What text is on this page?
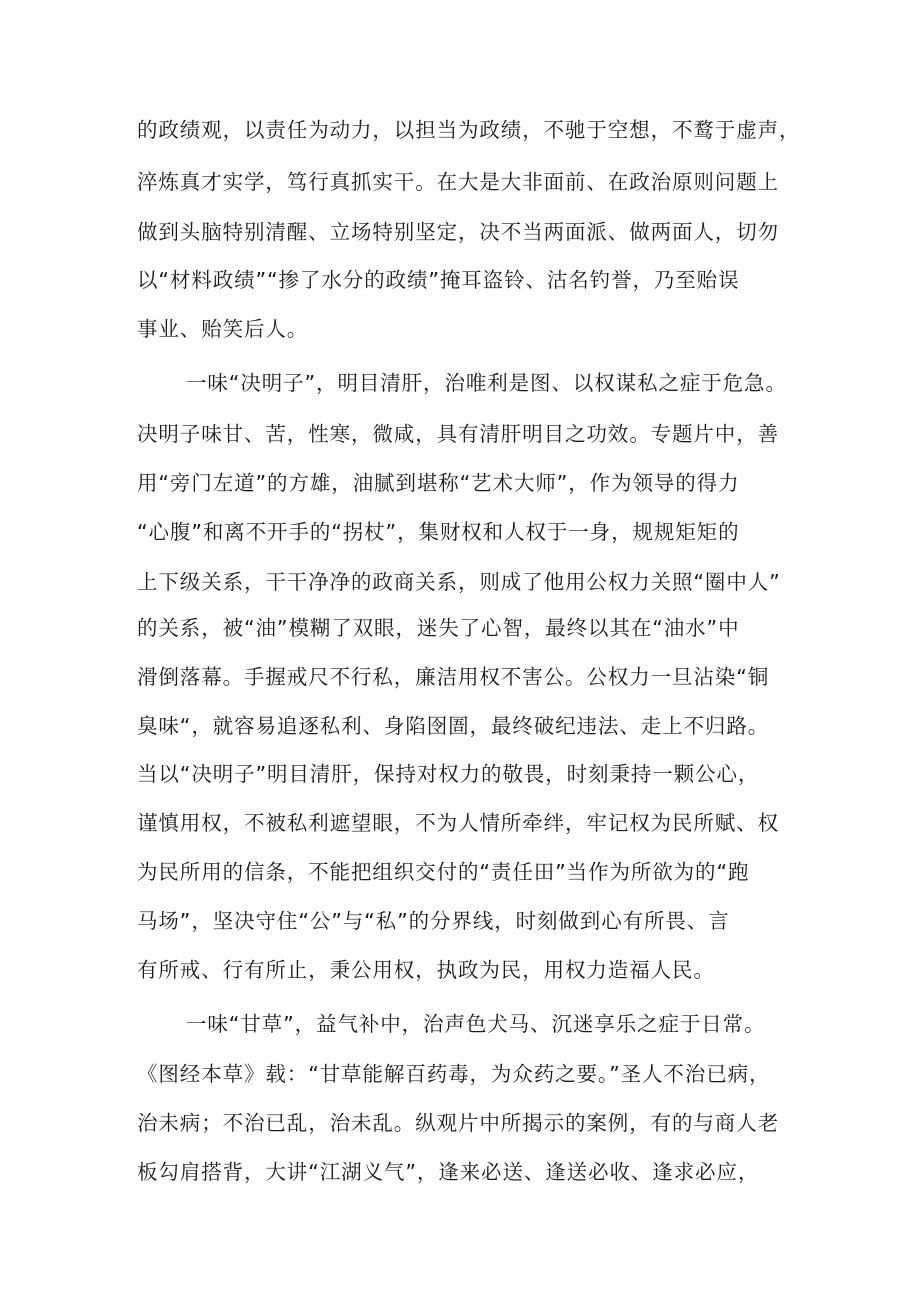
的政绩观，以责任为动力，以担当为政绩，不驰于空想，不鹜于虚声，
淬炼真才实学，笃行真抓实干。在大是大非面前、在政治原则问题上
做到头脑特别清醒、立场特别坚定，决不当两面派、做两面人，切勿
以“材料政绩”“掺了水分的政绩”掩耳盗铃、沽名钓誉，乃至贻误
事业、贻笑后人。
一味“决明子”，明目清肝，治唯利是图、以权谋私之症于危急。
决明子味甘、苦，性寒，微咸，具有清肝明目之功效。专题片中，善
用“旁门左道”的方雄，油腻到堪称“艺术大师”，作为领导的得力
“心腹”和离不开手的“拐杖”，集财权和人权于一身，规规矩矩的
上下级关系，干干净净的政商关系，则成了他用公权力关照“圈中人”
的关系，被“油”模糊了双眼，迷失了心智，最终以其在“油水”中
滑倒落幕。手握戒尺不行私，廉洁用权不害公。公权力一旦沾染“铜
臭味“，就容易追逐私利、身陷囹圄，最终破纪违法、走上不归路。
当以“决明子”明目清肝，保持对权力的敬畏，时刻秉持一颗公心，
谨慎用权，不被私利遮望眼，不为人情所牵绊，牢记权为民所赋、权
为民所用的信条，不能把组织交付的“责任田”当作为所欲为的“跑
马场”，坚决守住“公”与“私”的分界线，时刻做到心有所畏、言
有所戒、行有所止，秉公用权，执政为民，用权力造福人民。
一味“甘草”，益气补中，治声色犬马、沉迷享乐之症于日常。
《图经本草》载：“甘草能解百药毒，为众药之要。”圣人不治已病，
治未病；不治已乱，治未乱。纵观片中所揭示的案例，有的与商人老
板勾肩搭背，大讲“江湖义气”，逢来必送、逢送必收、逢求必应，
